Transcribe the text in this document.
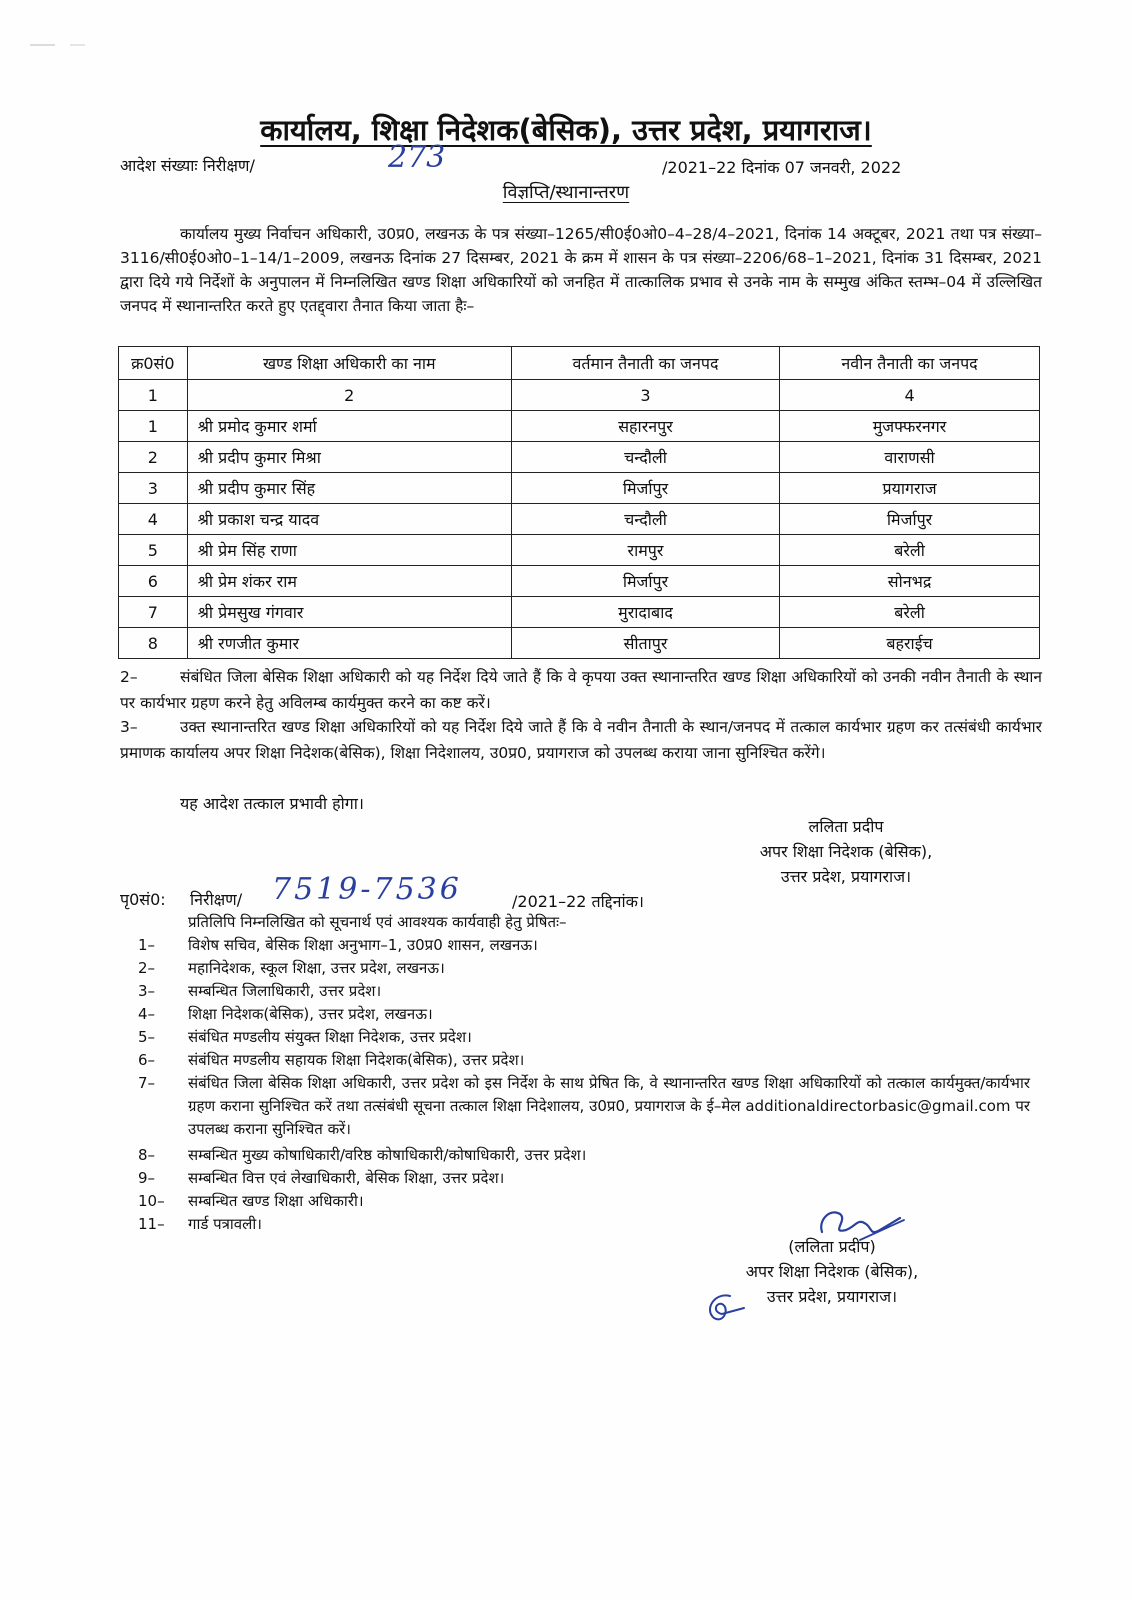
कार्यालय, शिक्षा निदेशक(बेसिक), उत्तर प्रदेश, प्रयागराज।
आदेश संख्याः निरीक्षण/	273	/2021–22 दिनांक 07 जनवरी, 2022
विज्ञप्ति/स्थानान्तरण
कार्यालय मुख्य निर्वाचन अधिकारी, उ0प्र0, लखनऊ के पत्र संख्या–1265/सी0ई0ओ0–4–28/4–2021, दिनांक 14 अक्टूबर, 2021 तथा पत्र संख्या–3116/सी0ई0ओ0–1–14/1–2009, लखनऊ दिनांक 27 दिसम्बर, 2021 के क्रम में शासन के पत्र संख्या–2206/68–1–2021, दिनांक 31 दिसम्बर, 2021 द्वारा दिये गये निर्देशों के अनुपालन में निम्नलिखित खण्ड शिक्षा अधिकारियों को जनहित में तात्कालिक प्रभाव से उनके नाम के सम्मुख अंकित स्तम्भ–04 में उल्लिखित जनपद में स्थानान्तरित करते हुए एतद्द्वारा तैनात किया जाता हैः–
क्र0सं0	खण्ड शिक्षा अधिकारी का नाम	वर्तमान तैनाती का जनपद	नवीन तैनाती का जनपद
1	2	3	4
1	श्री प्रमोद कुमार शर्मा	सहारनपुर	मुजफ्फरनगर
2	श्री प्रदीप कुमार मिश्रा	चन्दौली	वाराणसी
3	श्री प्रदीप कुमार सिंह	मिर्जापुर	प्रयागराज
4	श्री प्रकाश चन्द्र यादव	चन्दौली	मिर्जापुर
5	श्री प्रेम सिंह राणा	रामपुर	बरेली
6	श्री प्रेम शंकर राम	मिर्जापुर	सोनभद्र
7	श्री प्रेमसुख गंगवार	मुरादाबाद	बरेली
8	श्री रणजीत कुमार	सीतापुर	बहराईच
2–	संबंधित जिला बेसिक शिक्षा अधिकारी को यह निर्देश दिये जाते हैं कि वे कृपया उक्त स्थानान्तरित खण्ड शिक्षा अधिकारियों को उनकी नवीन तैनाती के स्थान पर कार्यभार ग्रहण करने हेतु अविलम्ब कार्यमुक्त करने का कष्ट करें।
3–	उक्त स्थानान्तरित खण्ड शिक्षा अधिकारियों को यह निर्देश दिये जाते हैं कि वे नवीन तैनाती के स्थान/जनपद में तत्काल कार्यभार ग्रहण कर तत्संबंधी कार्यभार प्रमाणक कार्यालय अपर शिक्षा निदेशक(बेसिक), शिक्षा निदेशालय, उ0प्र0, प्रयागराज को उपलब्ध कराया जाना सुनिश्चित करेंगे।
यह आदेश तत्काल प्रभावी होगा।
ललिता प्रदीप
अपर शिक्षा निदेशक (बेसिक),
उत्तर प्रदेश, प्रयागराज।
पृ0सं0: निरीक्षण/ 7519-7536	/2021–22 तद्दिनांक।
प्रतिलिपि निम्नलिखित को सूचनार्थ एवं आवश्यक कार्यवाही हेतु प्रेषितः–
1–	विशेष सचिव, बेसिक शिक्षा अनुभाग–1, उ0प्र0 शासन, लखनऊ।
2–	महानिदेशक, स्कूल शिक्षा, उत्तर प्रदेश, लखनऊ।
3–	सम्बन्धित जिलाधिकारी, उत्तर प्रदेश।
4–	शिक्षा निदेशक(बेसिक), उत्तर प्रदेश, लखनऊ।
5–	संबंधित मण्डलीय संयुक्त शिक्षा निदेशक, उत्तर प्रदेश।
6–	संबंधित मण्डलीय सहायक शिक्षा निदेशक(बेसिक), उत्तर प्रदेश।
7–	संबंधित जिला बेसिक शिक्षा अधिकारी, उत्तर प्रदेश को इस निर्देश के साथ प्रेषित कि, वे स्थानान्तरित खण्ड शिक्षा अधिकारियों को तत्काल कार्यमुक्त/कार्यभार ग्रहण कराना सुनिश्चित करें तथा तत्संबंधी सूचना तत्काल शिक्षा निदेशालय, उ0प्र0, प्रयागराज के ई–मेल additionaldirectorbasic@gmail.com पर उपलब्ध कराना सुनिश्चित करें।
8–	सम्बन्धित मुख्य कोषाधिकारी/वरिष्ठ कोषाधिकारी/कोषाधिकारी, उत्तर प्रदेश।
9–	सम्बन्धित वित्त एवं लेखाधिकारी, बेसिक शिक्षा, उत्तर प्रदेश।
10–	सम्बन्धित खण्ड शिक्षा अधिकारी।
11–	गार्ड पत्रावली।
(ललिता प्रदीप)
अपर शिक्षा निदेशक (बेसिक),
उत्तर प्रदेश, प्रयागराज।
